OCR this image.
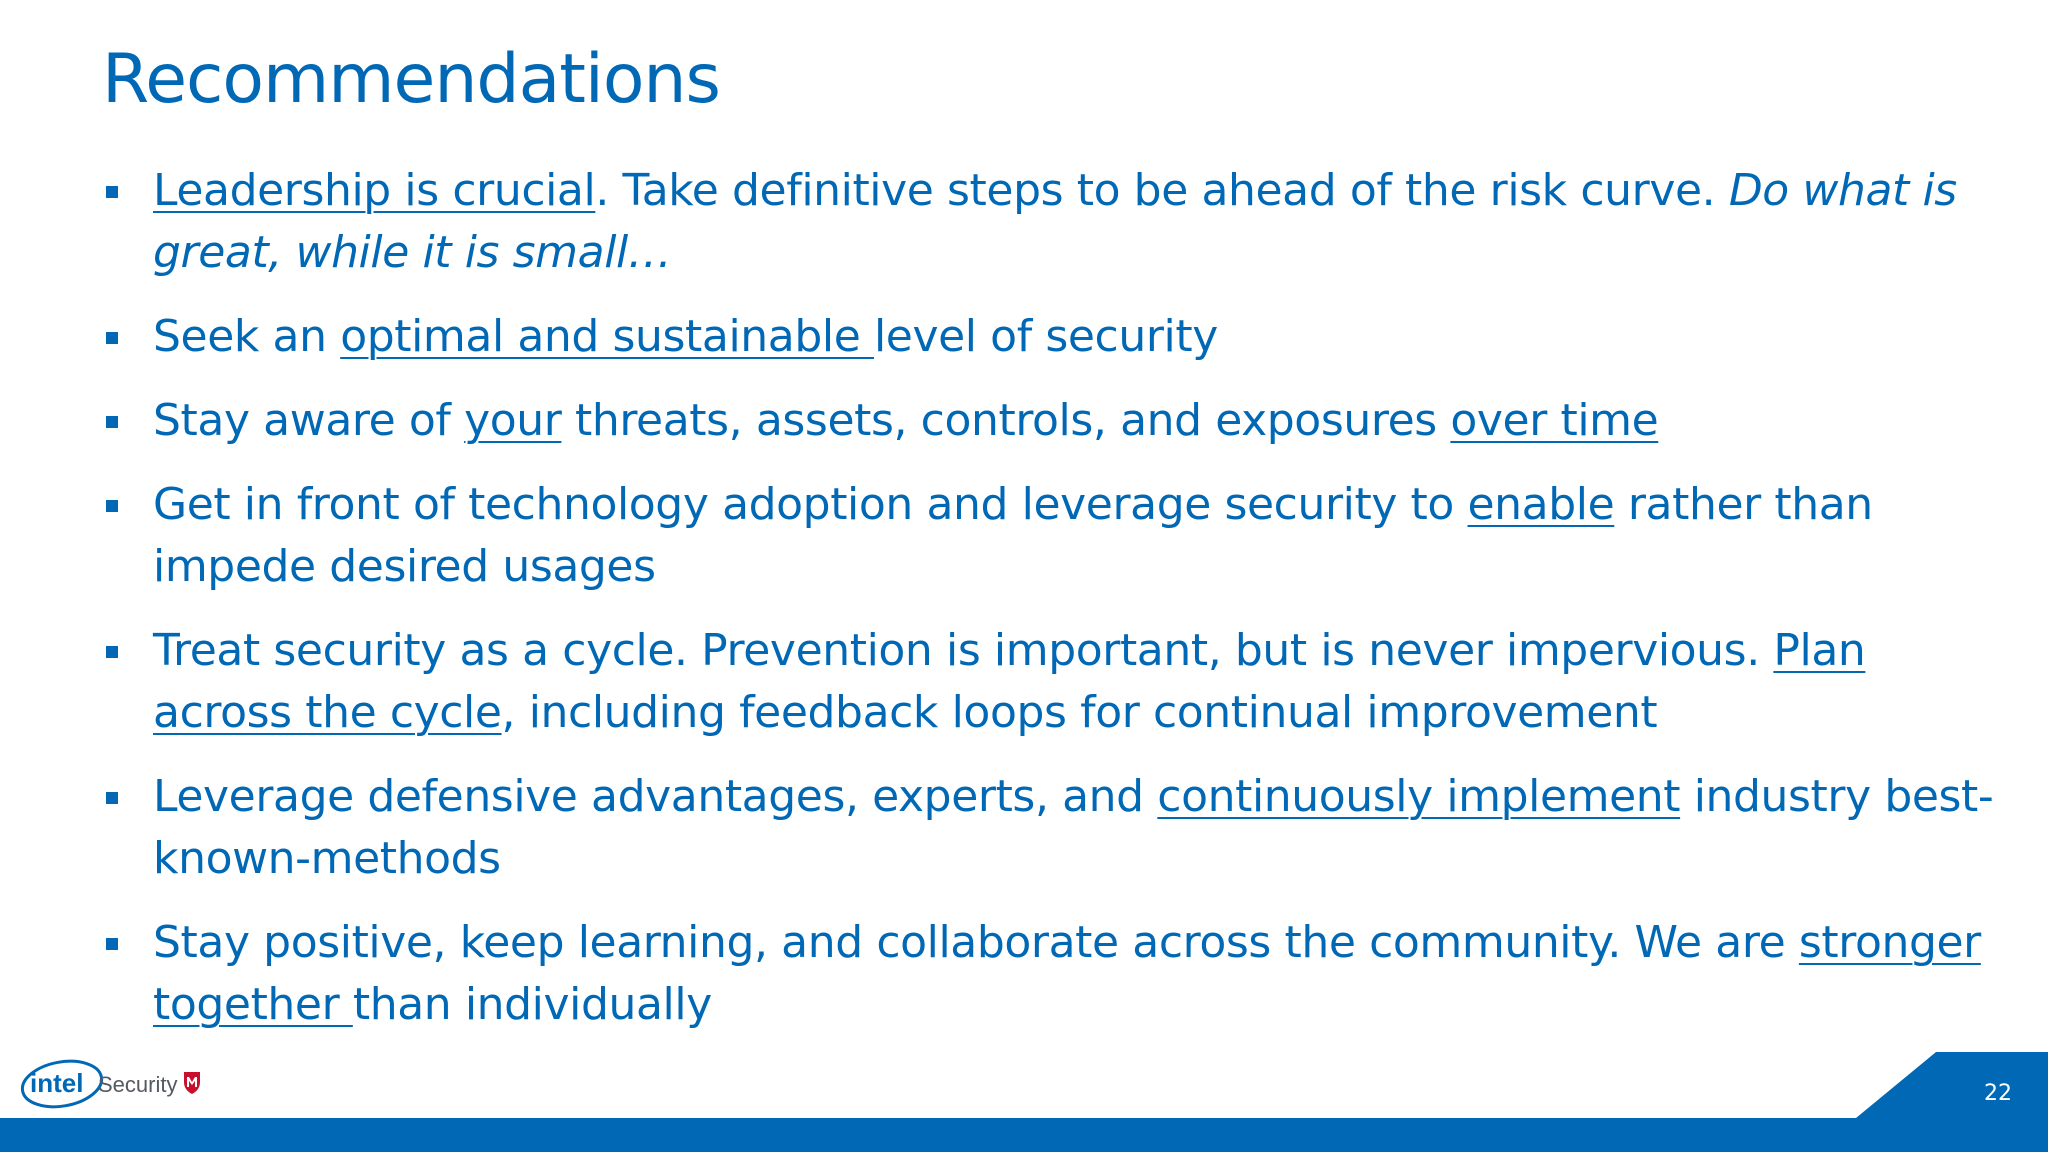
Recommendations
Leadership is crucial. Take definitive steps to be ahead of the risk curve. Do what is great, while it is small…
Seek an optimal and sustainable level of security
Stay aware of your threats, assets, controls, and exposures over time
Get in front of technology adoption and leverage security to enable rather than impede desired usages
Treat security as a cycle. Prevention is important, but is never impervious. Plan across the cycle, including feedback loops for continual improvement
Leverage defensive advantages, experts, and continuously implement industry best-known-methods
Stay positive, keep learning, and collaborate across the community. We are stronger together than individually
intel Security	22
